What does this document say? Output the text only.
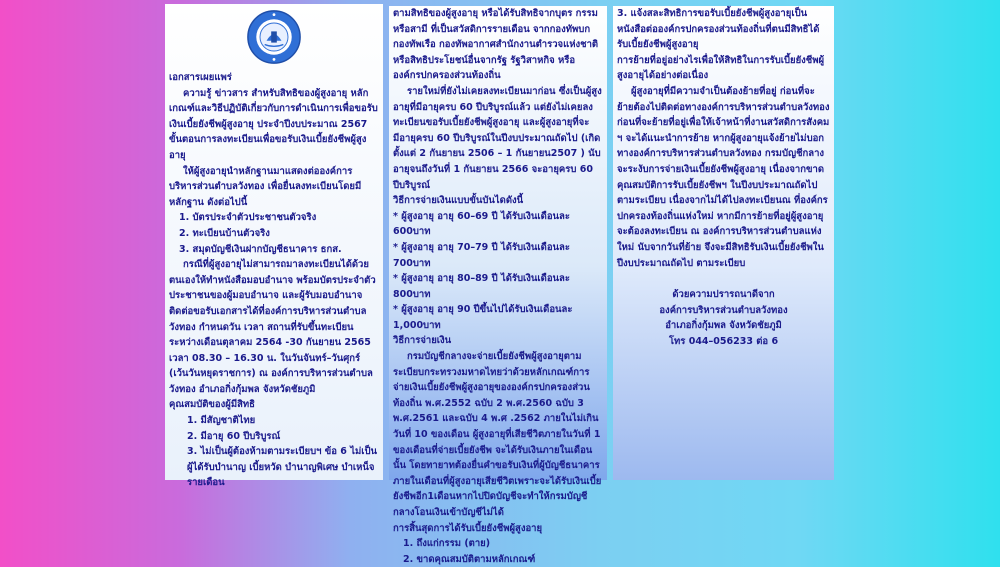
เอกสารเผยแพร่

ความรู้ ข่าวสาร สำหรับสิทธิของผู้สูงอายุ หลักเกณฑ์และวิธีปฏิบัติเกี่ยวกับการดำเนินการเพื่อขอรับเงินเบี้ยยังชีพผู้สูงอายุ ประจำปีงบประมาณ 2567 ขั้นตอนการลงทะเบียนเพื่อขอรับเงินเบี้ยยังชีพผู้สูงอายุ

ให้ผู้สูงอายุนำหลักฐานมาแสดงต่อองค์การบริหารส่วนตำบลวังทอง เพื่อยื่นลงทะเบียนโดยมีหลักฐาน ดังต่อไปนี้

1. บัตรประจำตัวประชาชนตัวจริง

2. ทะเบียนบ้านตัวจริง

3. สมุดบัญชีเงินฝากบัญชีธนาคาร ธกส.

กรณีที่ผู้สูงอายุไม่สามารถมาลงทะเบียนได้ด้วยตนเองให้ทำหนังสือมอบอำนาจ พร้อมบัตรประจำตัวประชาชนของผู้มอบอำนาจ และผู้รับมอบอำนาจ ติดต่อขอรับเอกสารได้ที่องค์การบริหารส่วนตำบลวังทอง กำหนดวัน เวลา สถานที่รับขึ้นทะเบียน ระหว่างเดือนตุลาคม 2564 -30 กันยายน 2565 เวลา 08.30 – 16.30 น. ในวันจันทร์–วันศุกร์ (เว้นวันหยุดราชการ) ณ องค์การบริหารส่วนตำบลวังทอง อำเภอกิ่งกุ้มพล จังหวัดชัยภูมิ

คุณสมบัติของผู้มีสิทธิ

1. มีสัญชาติไทย

2. มีอายุ 60 ปีบริบูรณ์

3. ไม่เป็นผู้ต้องห้ามตามระเบียบฯ ข้อ 6 ไม่เป็นผู้ได้รับบำนาญ เบี้ยหวัด บำนาญพิเศษ บำเหน็จรายเดือน

ตามสิทธิของผู้สูงอายุ หรือได้รับสิทธิจากบุตร กรรมหรือสามี ที่เป็นสวัสดิการรายเดือน จากกองทัพบก กองทัพเรือ กองทัพอากาศสำนักงานตำรวจแห่งชาติ หรือสิทธิประโยชน์อื่นจากรัฐ รัฐวิสาหกิจ หรือ องค์กรปกครองส่วนท้องถิ่น

รายใหม่ที่ยังไม่เคยลงทะเบียนมาก่อน ซึ่งเป็นผู้สูงอายุที่มีอายุครบ 60 ปีบริบูรณ์แล้ว แต่ยังไม่เคยลงทะเบียนขอรับเบี้ยยังชีพผู้สูงอายุ และผู้สูงอายุที่จะมีอายุครบ 60 ปีบริบูรณ์ในปีงบประมาณถัดไป (เกิดตั้งแต่ 2 กันยายน 2506 – 1 กันยายน2507 ) นับอายุจนถึงวันที่ 1 กันยายน 2566 จะอายุครบ 60 ปีบริบูรณ์

วิธีการจ่ายเงินแบบขั้นบันไดดังนี้

* ผู้สูงอายุ อายุ 60–69 ปี ได้รับเงินเดือนละ 600บาท

* ผู้สูงอายุ อายุ 70–79 ปี ได้รับเงินเดือนละ 700บาท

* ผู้สูงอายุ อายุ 80–89 ปี ได้รับเงินเดือนละ 800บาท

* ผู้สูงอายุ อายุ 90 ปีขึ้นไปได้รับเงินเดือนละ 1,000บาท

วิธีการจ่ายเงิน

กรมบัญชีกลางจะจ่ายเบี้ยยังชีพผู้สูงอายุตามระเบียบกระทรวงมหาดไทยว่าด้วยหลักเกณฑ์การจ่ายเงินเบี้ยยังชีพผู้สูงอายุขององค์กรปกครองส่วนท้องถิ่น พ.ศ.2552 ฉบับ 2 พ.ศ.2560 ฉบับ 3 พ.ศ.2561 และฉบับ 4 พ.ศ .2562 ภายในไม่เกินวันที่ 10 ของเดือน ผู้สูงอายุที่เสียชีวิตภายในวันที่ 1 ของเดือนที่จ่ายเบี้ยยังชีพ จะได้รับเงินภายในเดือนนั้น โดยทายาทต้องยื่นคำขอรับเงินที่ผู้บัญชีธนาคาร ภายในเดือนที่ผู้สูงอายุเสียชีวิตเพราะจะได้รับเงินเบี้ยยังชีพอีก1เดือนหากไปปิดบัญชีจะทำให้กรมบัญชีกลางโอนเงินเข้าบัญชีไม่ได้

การสิ้นสุดการได้รับเบี้ยยังชีพผู้สูงอายุ

1. ถึงแก่กรรม (ตาย)

2. ขาดคุณสมบัติตามหลักเกณฑ์

3. แจ้งสละสิทธิการขอรับเบี้ยยังชีพผู้สูงอายุเป็นหนังสือต่อองค์กรปกครองส่วนท้องถิ่นที่ตนมีสิทธิได้รับเบี้ยยังชีพผู้สูงอายุ

การย้ายที่อยู่อย่างไรเพื่อให้สิทธิในการรับเบี้ยยังชีพผู้สูงอายุได้อย่างต่อเนื่อง

ผู้สูงอายุที่มีความจำเป็นต้องย้ายที่อยู่ ก่อนที่จะย้ายต้องไปติดต่อทางองค์การบริหารส่วนตำบลวังทอง ก่อนที่จะย้ายที่อยู่เพื่อให้เจ้าหน้าที่งานสวัสดิการสังคม ฯ จะได้แนะนำการย้าย หากผู้สูงอายุแจ้งย้ายไม่บอกทางองค์การบริหารส่วนตำบลวังทอง กรมบัญชีกลางจะระงับการจ่ายเงินเบี้ยยังชีพผู้สูงอายุ เนื่องจากขาดคุณสมบัติการรับเบี้ยยังชีพฯ ในปีงบประมาณถัดไปตามระเบียบ เนื่องจากไม่ได้ไปลงทะเบียนณ ที่องค์กรปกครองท้องถิ่นแห่งใหม่ หากมีการย้ายที่อยู่ผู้สูงอายุจะต้องลงทะเบียน ณ องค์การบริหารส่วนตำบลแห่งใหม่ นับจากวันที่ย้าย จึงจะมีสิทธิรับเงินเบี้ยยังชีพในปีงบประมาณถัดไป ตามระเบียบ

ด้วยความปรารถนาดีจาก

องค์การบริหารส่วนตำบลวังทอง

อำเภอกิ่งกุ้มพล จังหวัดชัยภูมิ

โทร 044–056233 ต่อ 6
